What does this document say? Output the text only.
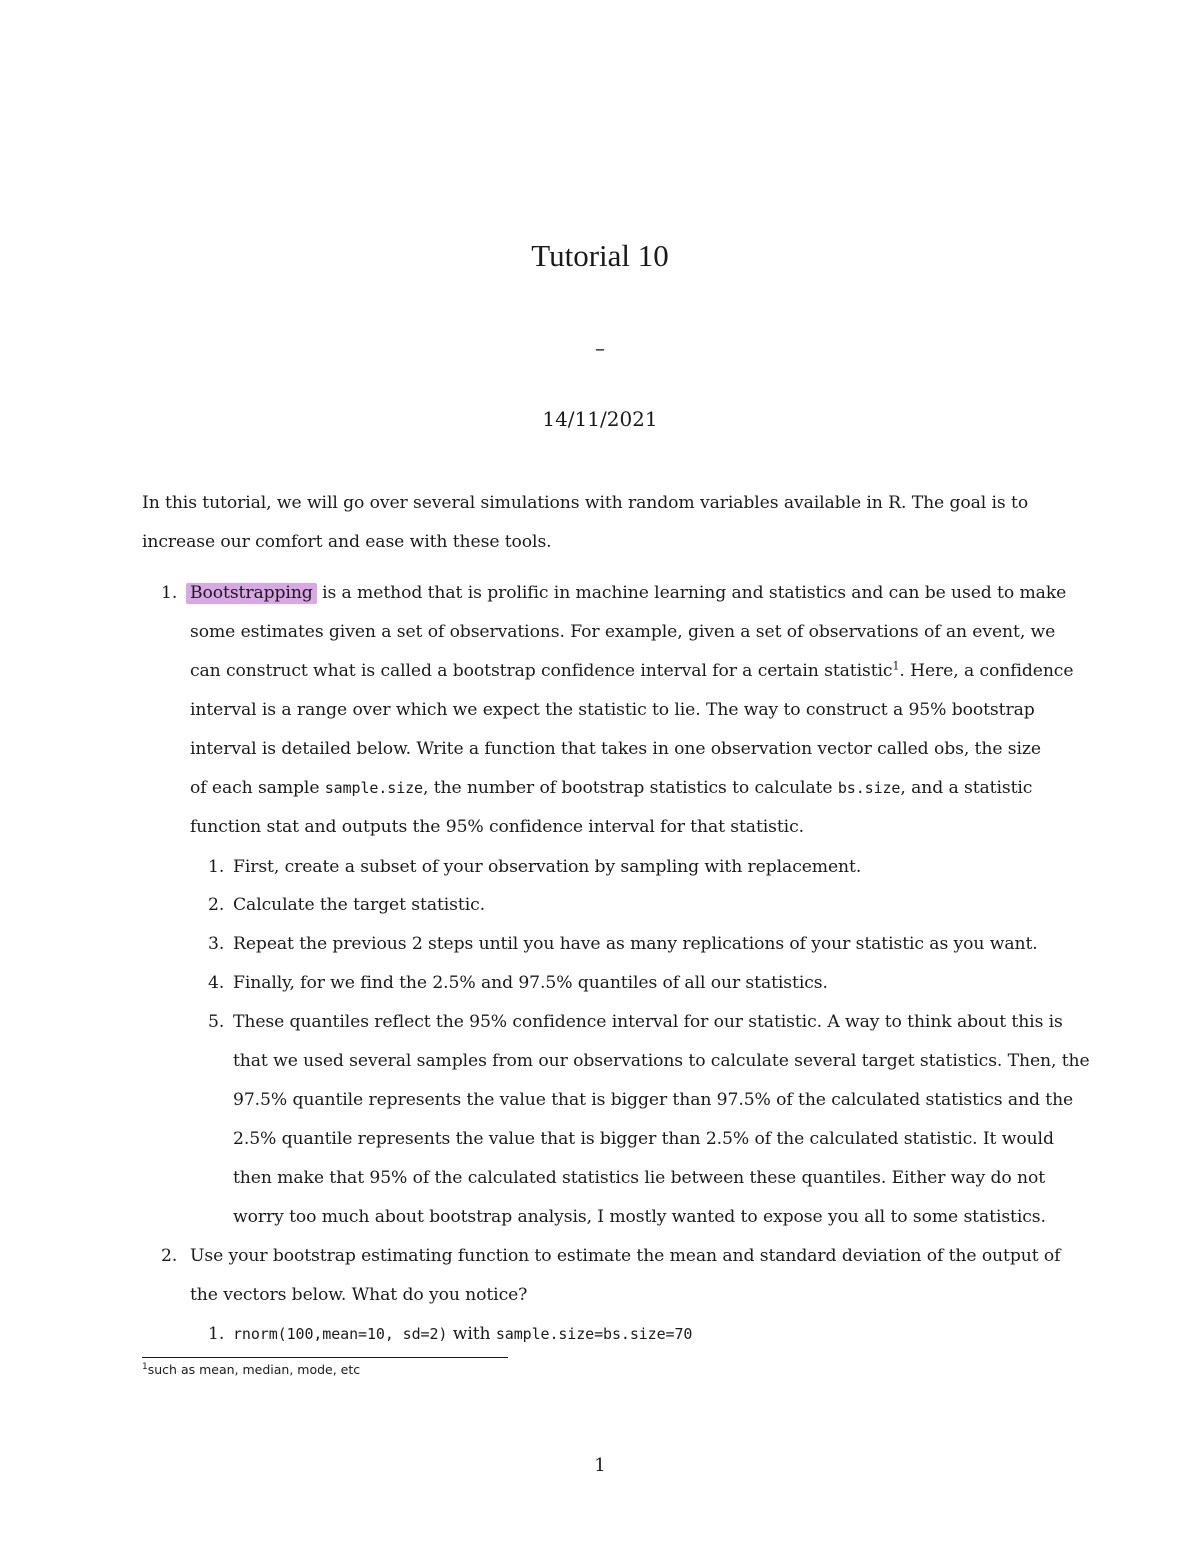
Tutorial 10
–
14/11/2021
In this tutorial, we will go over several simulations with random variables available in R. The goal is to
increase our comfort and ease with these tools.
1. Bootstrapping is a method that is prolific in machine learning and statistics and can be used to make
some estimates given a set of observations. For example, given a set of observations of an event, we
can construct what is called a bootstrap confidence interval for a certain statistic$^1$. Here, a confidence
interval is a range over which we expect the statistic to lie. The way to construct a 95% bootstrap
interval is detailed below. Write a function that takes in one observation vector called obs, the size
of each sample sample.size, the number of bootstrap statistics to calculate bs.size, and a statistic
function stat and outputs the 95% confidence interval for that statistic.
1. First, create a subset of your observation by sampling with replacement.
2. Calculate the target statistic.
3. Repeat the previous 2 steps until you have as many replications of your statistic as you want.
4. Finally, for we find the 2.5% and 97.5% quantiles of all our statistics.
5. These quantiles reflect the 95% confidence interval for our statistic. A way to think about this is
that we used several samples from our observations to calculate several target statistics. Then, the
97.5% quantile represents the value that is bigger than 97.5% of the calculated statistics and the
2.5% quantile represents the value that is bigger than 2.5% of the calculated statistic. It would
then make that 95% of the calculated statistics lie between these quantiles. Either way do not
worry too much about bootstrap analysis, I mostly wanted to expose you all to some statistics.
2. Use your bootstrap estimating function to estimate the mean and standard deviation of the output of
the vectors below. What do you notice?
1. rnorm(100,mean=10, sd=2) with sample.size=bs.size=70
$^1$such as mean, median, mode, etc
1
